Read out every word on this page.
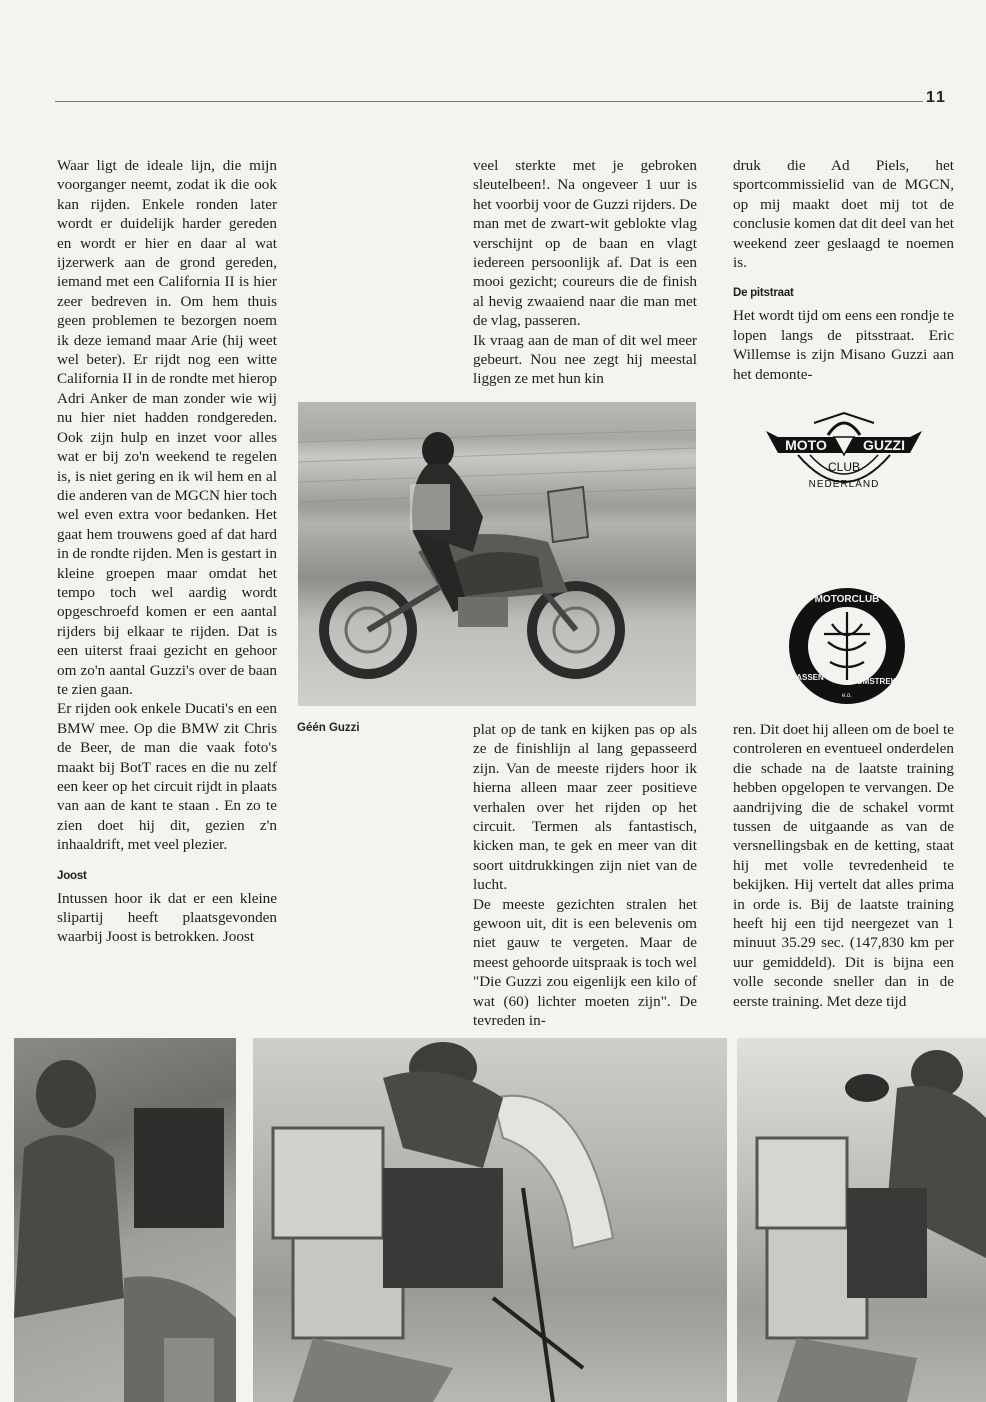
11

Waar ligt de ideale lijn, die mijn voorganger neemt, zodat ik die ook kan rijden. Enkele ronden later wordt er duidelijk harder gereden en wordt er hier en daar al wat ijzerwerk aan de grond gereden, iemand met een California II is hier zeer bedreven in. Om hem thuis geen problemen te bezorgen noem ik deze iemand maar Arie (hij weet wel beter). Er rijdt nog een witte California II in de rondte met hierop Adri Anker de man zonder wie wij nu hier niet hadden rondgereden. Ook zijn hulp en inzet voor alles wat er bij zo'n weekend te regelen is, is niet gering en ik wil hem en al die anderen van de MGCN hier toch wel even extra voor bedanken. Het gaat hem trouwens goed af dat hard in de rondte rijden. Men is gestart in kleine groepen maar omdat het tempo toch wel aardig wordt opgeschroefd komen er een aantal rijders bij elkaar te rijden. Dat is een uiterst fraai gezicht en gehoor om zo'n aantal Guzzi's over de baan te zien gaan.

Er rijden ook enkele Ducati's en een BMW mee. Op die BMW zit Chris de Beer, de man die vaak foto's maakt bij BotT races en die nu zelf een keer op het circuit rijdt in plaats van aan de kant te staan . En zo te zien doet hij dit, gezien z'n inhaaldrift, met veel plezier.

Joost

Intussen hoor ik dat er een kleine slipartij heeft plaatsgevonden waarbij Joost is betrokken. Joost

veel sterkte met je gebroken sleutelbeen!. Na ongeveer 1 uur is het voorbij voor de Guzzi rijders. De man met de zwart-wit geblokte vlag verschijnt op de baan en vlagt iedereen persoonlijk af. Dat is een mooi gezicht; coureurs die de finish al hevig zwaaiend naar die man met de vlag, passeren.

Ik vraag aan de man of dit wel meer gebeurt. Nou nee zegt hij meestal liggen ze met hun kin

druk die Ad Piels, het sportcommissielid van de MGCN, op mij maakt doet mij tot de conclusie komen dat dit deel van het weekend zeer geslaagd te noemen is.

De pitstraat

Het wordt tijd om eens een rondje te lopen langs de pitsstraat. Eric Willemse is zijn Misano Guzzi aan het demonte-

Géén Guzzi
MOTO	GUZZI
CLUB
NEDERLAND
MOTORCLUB
ASSEN
e.o.
OMSTREKEN

plat op de tank en kijken pas op als ze de finishlijn al lang gepasseerd zijn. Van de meeste rijders hoor ik hierna alleen maar zeer positieve verhalen over het rijden op het circuit. Termen als fantastisch, kicken man, te gek en meer van dit soort uitdrukkingen zijn niet van de lucht.

De meeste gezichten stralen het gewoon uit, dit is een belevenis om niet gauw te vergeten. Maar de meest gehoorde uitspraak is toch wel "Die Guzzi zou eigenlijk een kilo of wat (60) lichter moeten zijn". De tevreden in-

ren. Dit doet hij alleen om de boel te controleren en eventueel onderdelen die schade na de laatste training hebben opgelopen te vervangen. De aandrijving die de schakel vormt tussen de uitgaande as van de versnellingsbak en de ketting, staat hij met volle tevredenheid te bekijken. Hij vertelt dat alles prima in orde is. Bij de laatste training heeft hij een tijd neergezet van 1 minuut 35.29 sec. (147,830 km per uur gemiddeld). Dit is bijna een volle seconde sneller dan in de eerste training. Met deze tijd
